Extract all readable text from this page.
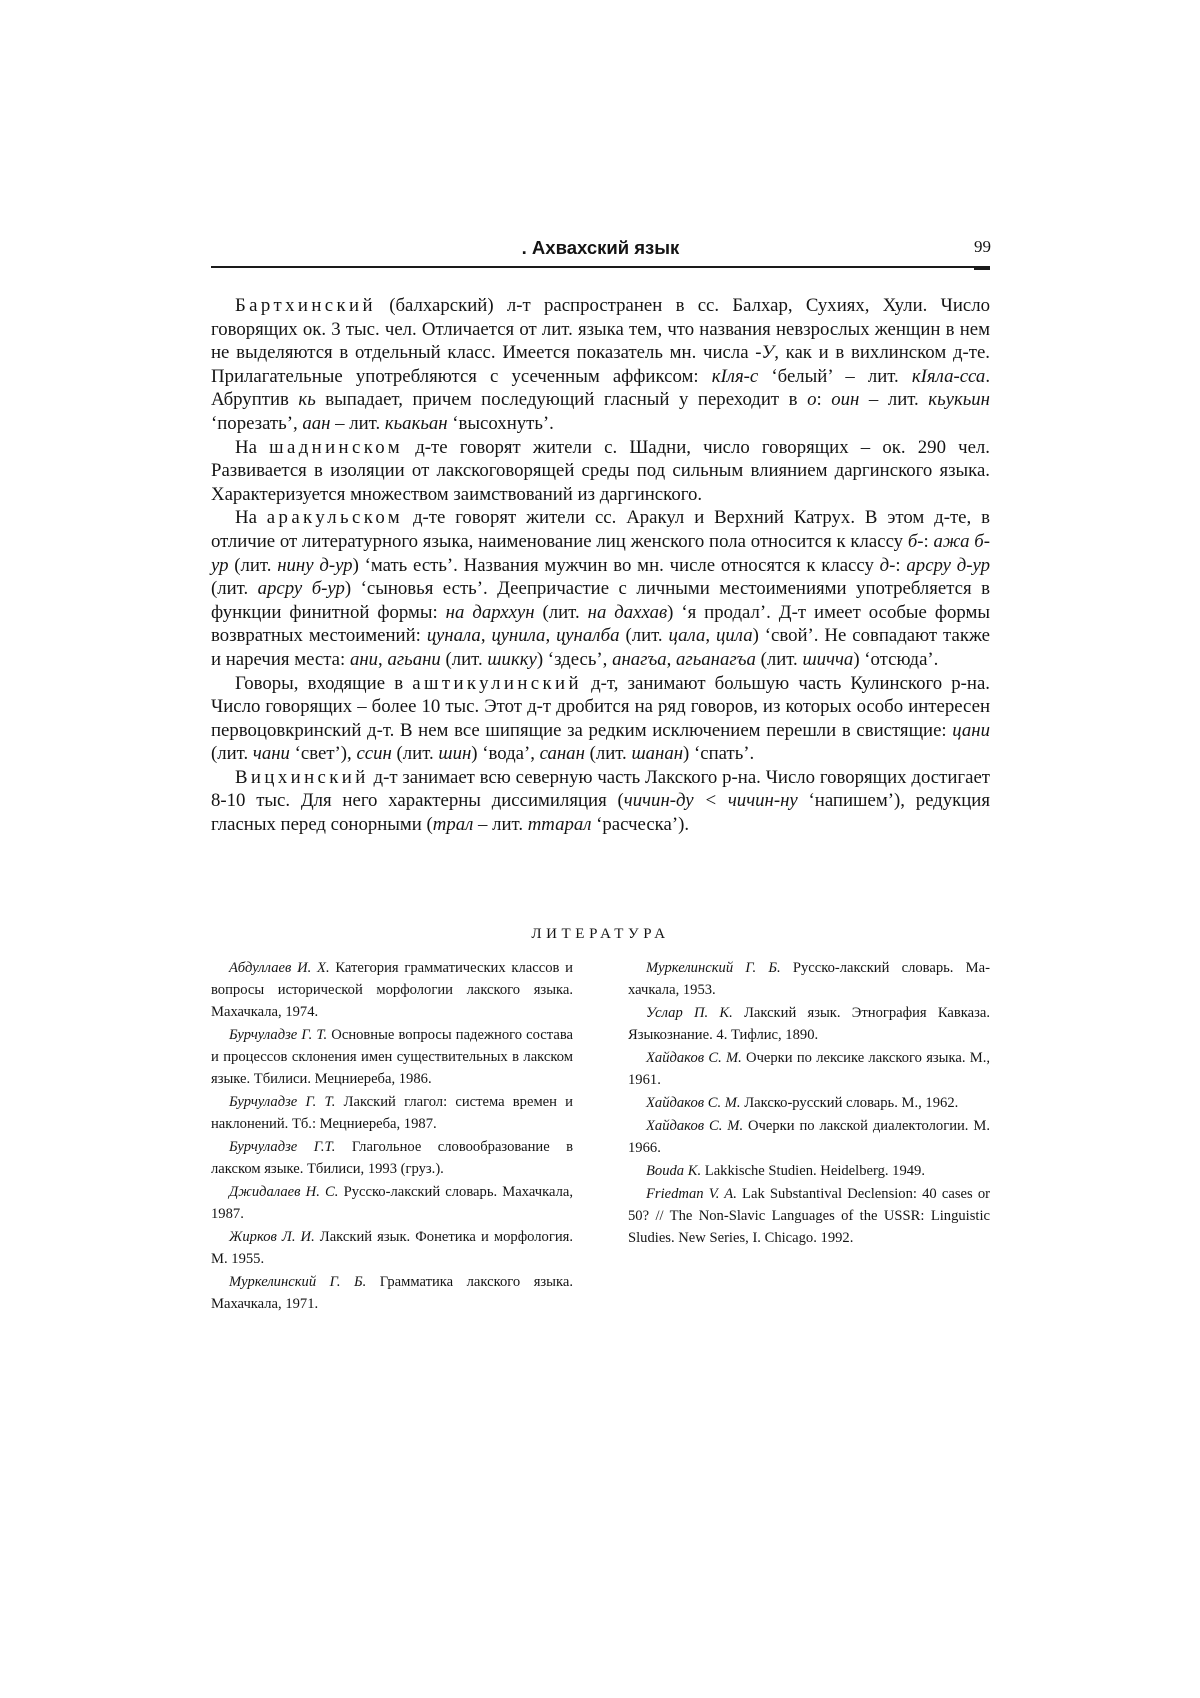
. Ахвахский язык	99

Бартхинский (балхарский) л-т распространен в сс. Балхар, Сухиях, Хули. Число говорящих ок. 3 тыс. чел. Отличается от лит. языка тем, что названия невзрослых женщин в нем не выделяются в отдельный класс. Имеется показатель мн. числа -У, как и в вихлинском д-те. Прилагательные употребляются с усеченным аффиксом: кIля-с ‘белый’ – лит. кIяла-сса. Абруптив кь выпадает, причем последующий гласный у переходит в о: оин – лит. кьукьин ‘порезать’, аан – лит. кьакьан ‘высохнуть’.

На шаднинском д-те говорят жители с. Шадни, число говорящих – ок. 290 чел. Развивается в изоляции от лакскоговорящей среды под сильным влиянием даргинского языка. Характеризуется множеством заимствований из даргинского.

На аракульском д-те говорят жители сс. Аракул и Верхний Катрух. В этом д-те, в отличие от литературного языка, наименование лиц женского пола относится к классу б-: ажа б-ур (лит. нину д-ур) ‘мать есть’. Названия мужчин во мн. числе относятся к классу д-: арсру д-ур (лит. арсру б-ур) ‘сыновья есть’. Деепричастие с личными местоимениями употребляется в функции финитной формы: на дархxун (лит. на даххав) ‘я продал’. Д-т имеет особые формы возвратных местоимений: цунала, цунила, цуналба (лит. цала, цила) ‘свой’. Не совпадают также и наречия места: ани, агьани (лит. шикку) ‘здесь’, анагъа, агьанагъа (лит. шичча) ‘отсюда’.

Говоры, входящие в аштикулинский д-т, занимают большую часть Кулинского р-на. Число говорящих – более 10 тыс. Этот д-т дробится на ряд говоров, из которых особо интересен первоцовкринский д-т. В нем все шипящие за редким исключением перешли в свистящие: цани (лит. чани ‘свет’), ссин (лит. шин) ‘вода’, санан (лит. шанан) ‘спать’.

Вицхинский д-т занимает всю северную часть Лакского р-на. Число говорящих достигает 8-10 тыс. Для него характерны диссимиляция (чичин-ду < чичин-ну ‘напишем’), редукция гласных перед сонорными (трал – лит. ттарал ‘расческа’).

ЛИТЕРАТУРА

Абдуллаев И. Х. Категория грамматических классов и вопросы исторической морфологии лакского языка. Махачкала, 1974.

Бурчуладзе Г. Т. Основные вопросы падежного состава и процессов склонения имен существительных в лакском языке. Тбилиси. Мецниереба, 1986.

Бурчуладзе Г. Т. Лакский глагол: система времен и наклонений. Тб.: Мецниереба, 1987.

Бурчуладзе Г.Т. Глагольное словообразование в лакском языке. Тбилиси, 1993 (груз.).

Джидалаев Н. С. Русско-лакский словарь. Махачкала, 1987.

Жирков Л. И. Лакский язык. Фонетика и морфология. М. 1955.

Муркелинский Г. Б. Грамматика лакского языка. Махачкала, 1971.

Муркелинский Г. Б. Русско-лакский словарь. Махачкала, 1953.

Услар П. К. Лакский язык. Этнография Кавказа. Языкознание. 4. Тифлис, 1890.

Хайдаков С. М. Очерки по лексике лакского языка. М., 1961.

Хайдаков С. М. Лакско-русский словарь. М., 1962.

Хайдаков С. М. Очерки по лакской диалектологии. М. 1966.

Bouda K. Lakkische Studien. Heidelberg. 1949.

Friedman V. A. Lak Substantival Declension: 40 cases or 50? // The Non-Slavic Languages of the USSR: Linguistic Sludies. New Series, I. Chicago. 1992.
